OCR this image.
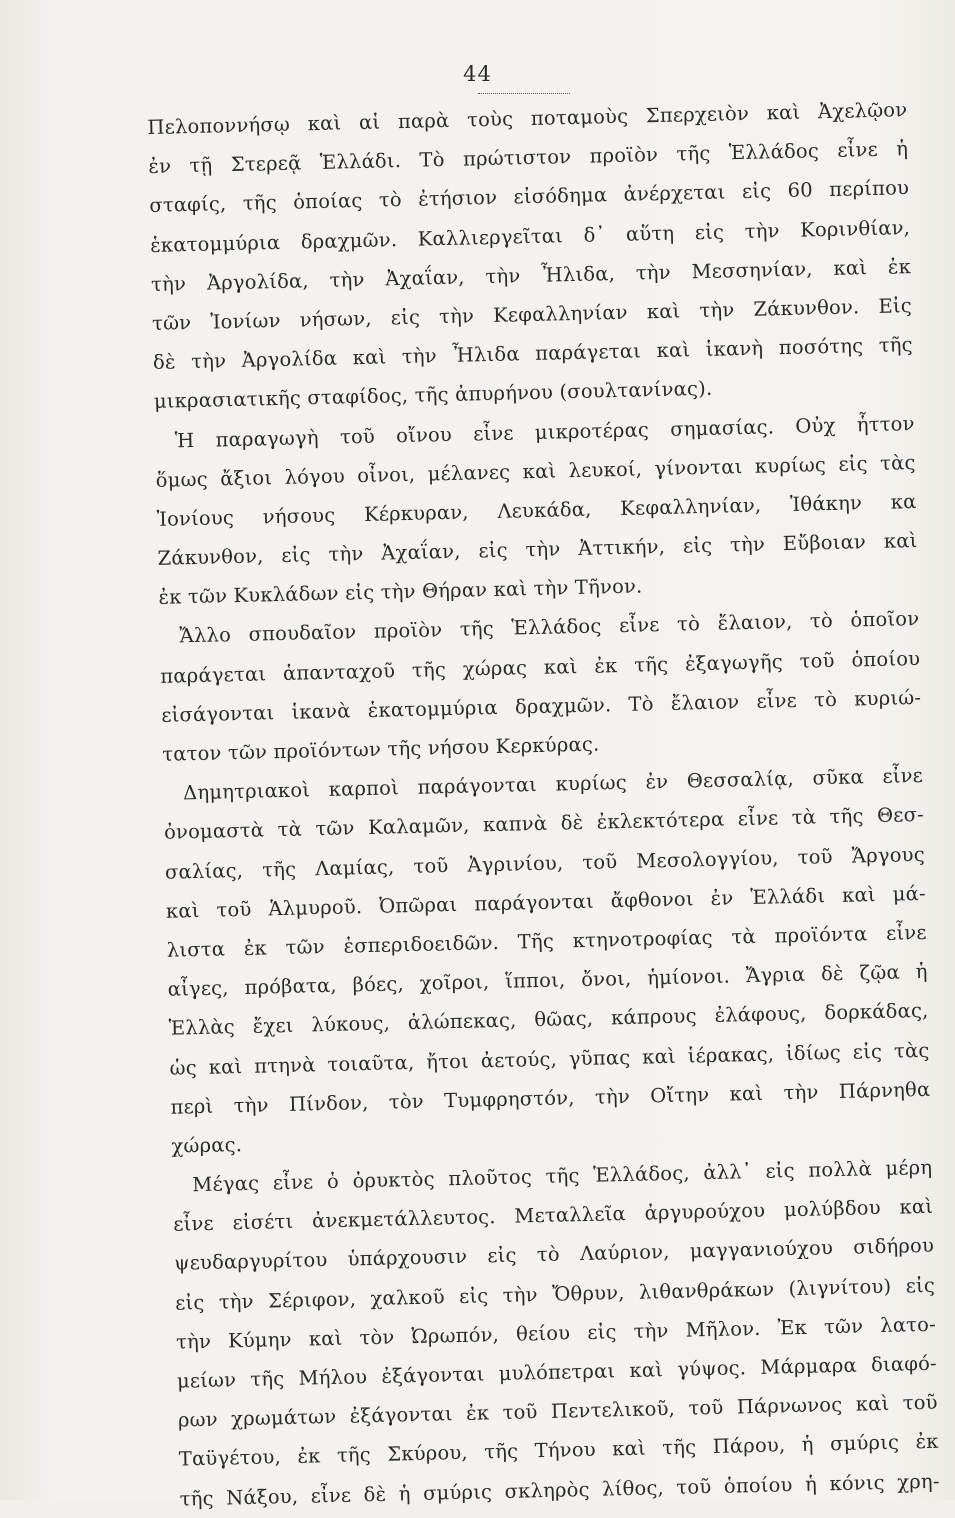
44
Πελοποννήσῳ καὶ αἱ παρὰ τοὺς ποταμοὺς Σπερχειὸν καὶ Ἀχελῷον
ἐν τῇ Στερεᾷ Ἑλλάδι. Τὸ πρώτιστον προϊὸν τῆς Ἑλλάδος εἶνε ἡ
σταφίς, τῆς ὁποίας τὸ ἐτήσιον εἰσόδημα ἀνέρχεται εἰς 60 περίπου
ἑκατομμύρια δραχμῶν. Καλλιεργεῖται δ᾽ αὕτη εἰς τὴν Κορινθίαν,
τὴν Ἀργολίδα, τὴν Ἀχαΐαν, τὴν Ἦλιδα, τὴν Μεσσηνίαν, καὶ ἐκ
τῶν Ἰονίων νήσων, εἰς τὴν Κεφαλληνίαν καὶ τὴν Ζάκυνθον. Εἰς
δὲ τὴν Ἀργολίδα καὶ τὴν Ἦλιδα παράγεται καὶ ἱκανὴ ποσότης τῆς
μικρασιατικῆς σταφίδος, τῆς ἀπυρήνου (σουλτανίνας).
Ἡ παραγωγὴ τοῦ οἴνου εἶνε μικροτέρας σημασίας. Οὐχ ἧττον
ὅμως ἄξιοι λόγου οἶνοι, μέλανες καὶ λευκοί, γίνονται κυρίως εἰς τὰς
Ἰονίους νήσους Κέρκυραν, Λευκάδα, Κεφαλληνίαν, Ἰθάκην κα
Ζάκυνθον, εἰς τὴν Ἀχαΐαν, εἰς τὴν Ἀττικήν, εἰς τὴν Εὔβοιαν καὶ
ἐκ τῶν Κυκλάδων εἰς τὴν Θήραν καὶ τὴν Τῆνον.
Ἄλλο σπουδαῖον προϊὸν τῆς Ἑλλάδος εἶνε τὸ ἔλαιον, τὸ ὁποῖον
παράγεται ἁπανταχοῦ τῆς χώρας καὶ ἐκ τῆς ἐξαγωγῆς τοῦ ὁποίου
εἰσάγονται ἱκανὰ ἑκατομμύρια δραχμῶν. Τὸ ἔλαιον εἶνε τὸ κυριώ-
τατον τῶν προϊόντων τῆς νήσου Κερκύρας.
Δημητριακοὶ καρποὶ παράγονται κυρίως ἐν Θεσσαλίᾳ, σῦκα εἶνε
ὀνομαστὰ τὰ τῶν Καλαμῶν, καπνὰ δὲ ἐκλεκτότερα εἶνε τὰ τῆς Θεσ-
σαλίας, τῆς Λαμίας, τοῦ Ἀγρινίου, τοῦ Μεσολογγίου, τοῦ Ἄργους
καὶ τοῦ Ἁλμυροῦ. Ὀπῶραι παράγονται ἄφθονοι ἐν Ἑλλάδι καὶ μά-
λιστα ἐκ τῶν ἑσπεριδοειδῶν. Τῆς κτηνοτροφίας τὰ προϊόντα εἶνε
αἶγες, πρόβατα, βόες, χοῖροι, ἵπποι, ὄνοι, ἡμίονοι. Ἄγρια δὲ ζῷα ἡ
Ἑλλὰς ἔχει λύκους, ἀλώπεκας, θῶας, κάπρους ἐλάφους, δορκάδας,
ὡς καὶ πτηνὰ τοιαῦτα, ἤτοι ἀετούς, γῦπας καὶ ἱέρακας, ἰδίως εἰς τὰς
περὶ τὴν Πίνδον, τὸν Τυμφρηστόν, τὴν Οἴτην καὶ τὴν Πάρνηθα
χώρας.
Μέγας εἶνε ὁ ὀρυκτὸς πλοῦτος τῆς Ἑλλάδος, ἀλλ᾽ εἰς πολλὰ μέρη
εἶνε εἰσέτι ἀνεκμετάλλευτος. Μεταλλεῖα ἀργυρούχου μολύβδου καὶ
ψευδαργυρίτου ὑπάρχουσιν εἰς τὸ Λαύριον, μαγγανιούχου σιδήρου
εἰς τὴν Σέριφον, χαλκοῦ εἰς τὴν Ὄθρυν, λιθανθράκων (λιγνίτου) εἰς
τὴν Κύμην καὶ τὸν Ὠρωπόν, θείου εἰς τὴν Μῆλον. Ἐκ τῶν λατο-
μείων τῆς Μήλου ἐξάγονται μυλόπετραι καὶ γύψος. Μάρμαρα διαφό-
ρων χρωμάτων ἐξάγονται ἐκ τοῦ Πεντελικοῦ, τοῦ Πάρνωνος καὶ τοῦ
Ταϋγέτου, ἐκ τῆς Σκύρου, τῆς Τήνου καὶ τῆς Πάρου, ἡ σμύρις ἐκ
τῆς Νάξου, εἶνε δὲ ἡ σμύρις σκληρὸς λίθος, τοῦ ὁποίου ἡ κόνις χρη-
